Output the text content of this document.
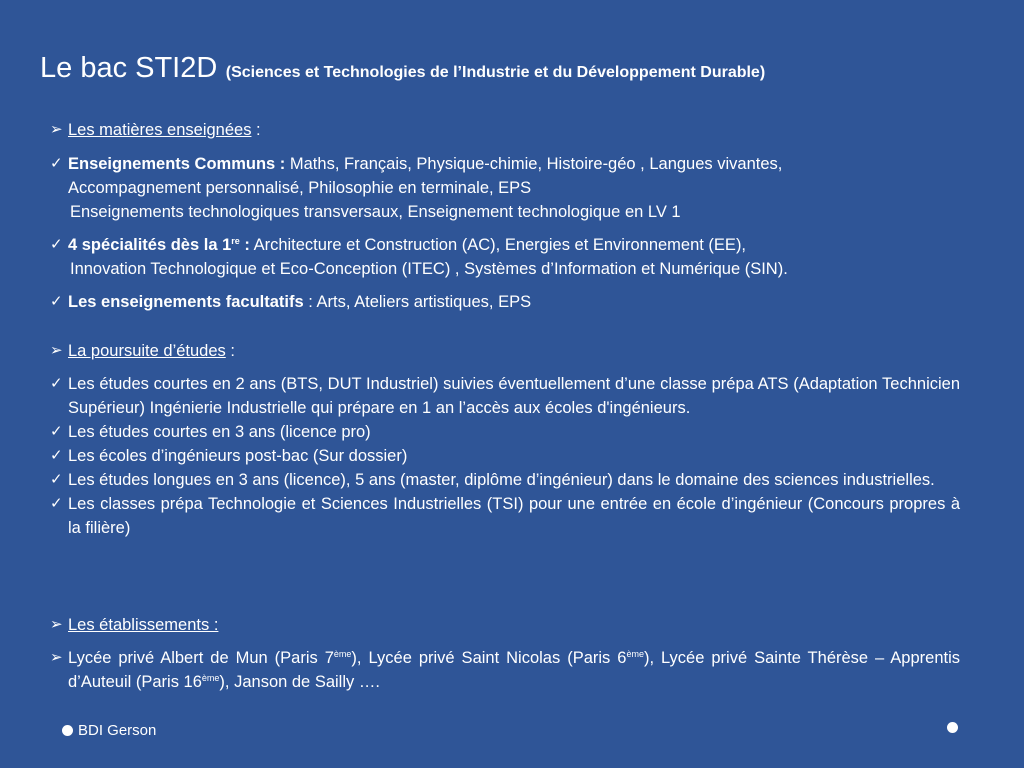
Le bac STI2D (Sciences et Technologies de l’Industrie et du Développement Durable)
➢ Les matières enseignées :
✓ Enseignements Communs : Maths, Français, Physique-chimie, Histoire-géo , Langues vivantes,
Accompagnement personnalisé, Philosophie en terminale, EPS
Enseignements technologiques transversaux, Enseignement technologique en LV 1
✓ 4 spécialités dès la 1re : Architecture et Construction (AC), Energies et Environnement (EE),
Innovation Technologique et Eco-Conception (ITEC) , Systèmes d’Information et Numérique (SIN).
✓ Les enseignements facultatifs : Arts, Ateliers artistiques, EPS
➢ La poursuite d’études :
✓ Les études courtes en 2 ans (BTS, DUT Industriel) suivies éventuellement d’une classe prépa ATS (Adaptation Technicien Supérieur) Ingénierie Industrielle qui prépare en 1 an l’accès aux écoles d'ingénieurs.
✓ Les études courtes en 3 ans (licence pro)
✓ Les écoles d’ingénieurs post-bac (Sur dossier)
✓ Les études longues en 3 ans (licence), 5 ans (master, diplôme d’ingénieur) dans le domaine des sciences industrielles.
✓ Les classes prépa Technologie et Sciences Industrielles (TSI) pour une entrée en école d’ingénieur (Concours propres à la filière)
➢ Les établissements :
➢ Lycée privé Albert de Mun (Paris 7ème), Lycée privé Saint Nicolas (Paris 6ème), Lycée privé Sainte Thérèse – Apprentis d’Auteuil (Paris 16ème), Janson de Sailly ….
BDI Gerson
